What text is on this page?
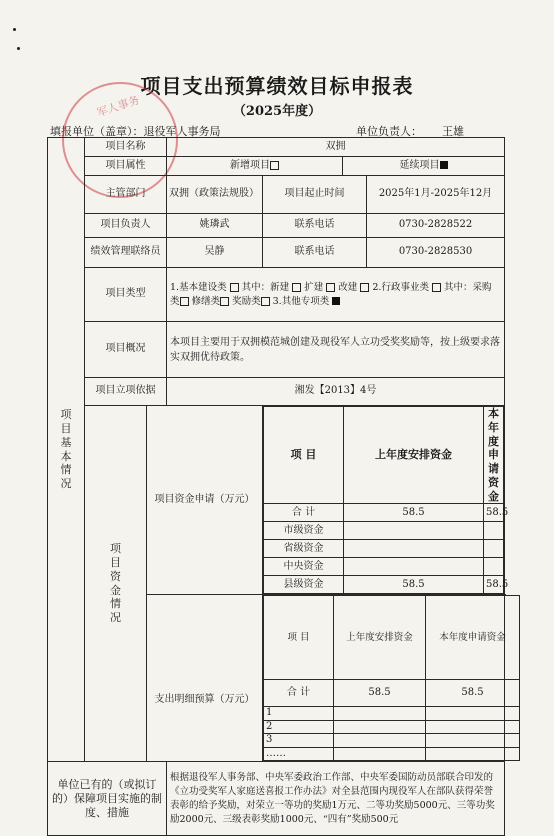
项目支出预算绩效目标申报表
（2025年度）
填报单位（盖章）：退役军人事务局	单位负责人： 王雄
军人事务
项目基本情况
	项目名称	双拥
项目属性	新增项目	延续项目
主管部门	双拥（政策法规股）	项目起止时间	2025年1月-2025年12月
项目负责人	姚璘武	联系电话	0730-2828522
绩效管理联络员	吴静	联系电话	0730-2828530
项目类型	1.基本建设类 其中：新建 扩建 改建 2.行政事业类 其中：采购类 修缮类 奖励类 3.其他专项类
项目概况	本项目主要用于双拥模范城创建及现役军人立功受奖奖励等，按上级要求落实双拥优待政策。
项目立项依据	湘发【2013】4号

项目资金情况
	项目资金申请（万元）	
项 目	上年度安排资金	本年度申请资金
合 计	58.5	58.5
市级资金		
省级资金		
中央资金		
县级资金	58.5	58.5

支出明细预算（万元）

项 目	上年度安排资金	本年度申请资金	
合 计	58.5	58.5	
1			
2			
3			
……			

单位已有的（或拟订的）保障项目实施的制度、措施	根据退役军人事务部、中央军委政治工作部、中央军委国防动员部联合印发的《立功受奖军人家庭送喜报工作办法》对全县范围内现役军人在部队获得荣誉表彰的给予奖励，对荣立一等功的奖励1万元、二等功奖励5000元、三等功奖励2000元、三级表彰奖励1000元、“四有”奖励500元
